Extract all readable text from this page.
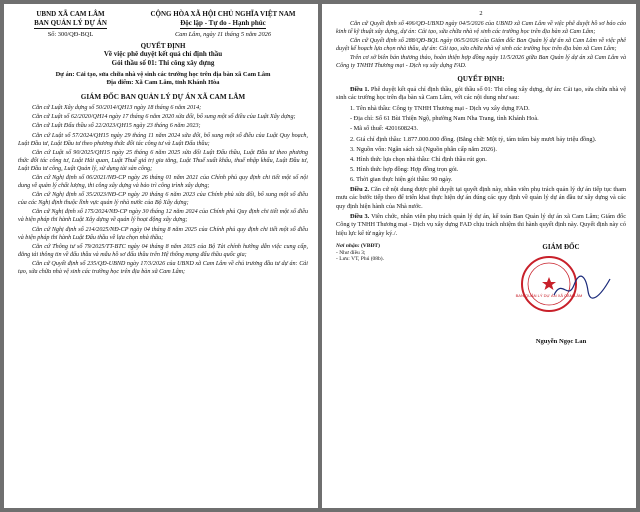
UBND XÃ CAM LÂM
BAN QUẢN LÝ DỰ ÁN
CỘNG HÒA XÃ HỘI CHỦ NGHĨA VIỆT NAM
Độc lập - Tự do - Hạnh phúc
Số: 300/QĐ-BQL	Cam Lâm, ngày 11 tháng 5 năm 2026
QUYẾT ĐỊNH
Về việc phê duyệt kết quả chỉ định thầu
Gói thầu số 01: Thi công xây dựng
Dự án: Cải tạo, sửa chữa nhà vệ sinh các trường học trên địa bàn xã Cam Lâm
Địa điểm: Xã Cam Lâm, tỉnh Khánh Hòa
GIÁM ĐỐC BAN QUẢN LÝ DỰ ÁN XÃ CAM LÂM

Căn cứ Luật Xây dựng số 50/2014/QH13 ngày 18 tháng 6 năm 2014;

Căn cứ Luật số 62/2020/QH14 ngày 17 tháng 6 năm 2020 sửa đổi, bổ sung một số điều của Luật Xây dựng;

Căn cứ Luật Đấu thầu số 22/2023/QH15 ngày 23 tháng 6 năm 2023;

Căn cứ Luật số 57/2024/QH15 ngày 29 tháng 11 năm 2024 sửa đổi, bổ sung một số điều của Luật Quy hoạch, Luật Đầu tư, Luật Đầu tư theo phương thức đối tác công tư và Luật Đấu thầu;

Căn cứ Luật số 90/2025/QH15 ngày 25 tháng 6 năm 2025 sửa đổi Luật Đấu thầu, Luật Đầu tư theo phương thức đối tác công tư, Luật Hải quan, Luật Thuế giá trị gia tăng, Luật Thuế xuất khẩu, thuế nhập khẩu, Luật Đầu tư, Luật Đầu tư công, Luật Quản lý, sử dụng tài sản công;

Căn cứ Nghị định số 06/2021/NĐ-CP ngày 26 tháng 01 năm 2021 của Chính phủ quy định chi tiết một số nội dung về quản lý chất lượng, thi công xây dựng và bảo trì công trình xây dựng;

Căn cứ Nghị định số 35/2023/NĐ-CP ngày 20 tháng 6 năm 2023 của Chính phủ sửa đổi, bổ sung một số điều của các Nghị định thuộc lĩnh vực quản lý nhà nước của Bộ Xây dựng;

Căn cứ Nghị định số 175/2024/NĐ-CP ngày 30 tháng 12 năm 2024 của Chính phủ Quy định chi tiết một số điều và biện pháp thi hành Luật Xây dựng về quản lý hoạt động xây dựng;

Căn cứ Nghị định số 214/2025/NĐ-CP ngày 04 tháng 8 năm 2025 của Chính phủ quy định chi tiết một số điều và biện pháp thi hành Luật Đấu thầu về lựa chọn nhà thầu;

Căn cứ Thông tư số 79/2025/TT-BTC ngày 04 tháng 8 năm 2025 của Bộ Tài chính hướng dẫn việc cung cấp, đăng tải thông tin về đấu thầu và mẫu hồ sơ đấu thầu trên Hệ thống mạng đấu thầu quốc gia;

Căn cứ Quyết định số 235/QĐ-UBND ngày 17/3/2026 của UBND xã Cam Lâm về chủ trương đầu tư dự án: Cải tạo, sửa chữa nhà vệ sinh các trường học trên địa bàn xã Cam Lâm;

2

Căn cứ Quyết định số 406/QĐ-UBND ngày 04/5/2026 của UBND xã Cam Lâm về việc phê duyệt hồ sơ báo cáo kinh tế kỹ thuật xây dựng, dự án: Cải tạo, sửa chữa nhà vệ sinh các trường học trên địa bàn xã Cam Lâm;

Căn cứ Quyết định số 288/QĐ-BQL ngày 06/5/2026 của Giám đốc Ban Quản lý dự án xã Cam Lâm về việc phê duyệt kế hoạch lựa chọn nhà thầu, dự án: Cải tạo, sửa chữa nhà vệ sinh các trường học trên địa bàn xã Cam Lâm;

Trên cơ sở biên bản thương thảo, hoàn thiện hợp đồng ngày 11/5/2026 giữa Ban Quản lý dự án xã Cam Lâm và Công ty TNHH Thương mại - Dịch vụ xây dựng FAD.

QUYẾT ĐỊNH:

Điều 1. Phê duyệt kết quả chỉ định thầu, gói thầu số 01: Thi công xây dựng, dự án: Cải tạo, sửa chữa nhà vệ sinh các trường học trên địa bàn xã Cam Lâm, với các nội dung như sau:

1. Tên nhà thầu: Công ty TNHH Thương mại - Dịch vụ xây dựng FAD.

- Địa chỉ: Số 61 Bùi Thiện Ngộ, phường Nam Nha Trang, tỉnh Khánh Hoà.

- Mã số thuế: 4201608243.

2. Giá chỉ định thầu: 1.877.000.000 đồng. (Bằng chữ: Một tỷ, tám trăm bảy mươi bảy triệu đồng).

3. Nguồn vốn: Ngân sách xã (Nguồn phân cấp năm 2026).

4. Hình thức lựa chọn nhà thầu: Chỉ định thầu rút gọn.

5. Hình thức hợp đồng: Hợp đồng trọn gói.

6. Thời gian thực hiện gói thầu: 90 ngày.

Điều 2. Căn cứ nội dung được phê duyệt tại quyết định này, nhân viên phụ trách quản lý dự án tiếp tục tham mưu các bước tiếp theo để triển khai thực hiện dự án đúng các quy định về quản lý dự án đầu tư xây dựng và các quy định hiện hành của Nhà nước.

Điều 3. Viên chức, nhân viên phụ trách quản lý dự án, kế toán Ban Quản lý dự án xã Cam Lâm; Giám đốc Công ty TNHH Thương mại - Dịch vụ xây dựng FAD chịu trách nhiệm thi hành quyết định này. Quyết định này có hiệu lực kể từ ngày ký./.

Nơi nhận: (VBĐT)
- Như điều 3;
- Lưu: VT, Phú (08b).
GIÁM ĐỐC
BAN QUẢN LÝ DỰ ÁN XÃ CAM LÂM
Nguyễn Ngọc Lan
